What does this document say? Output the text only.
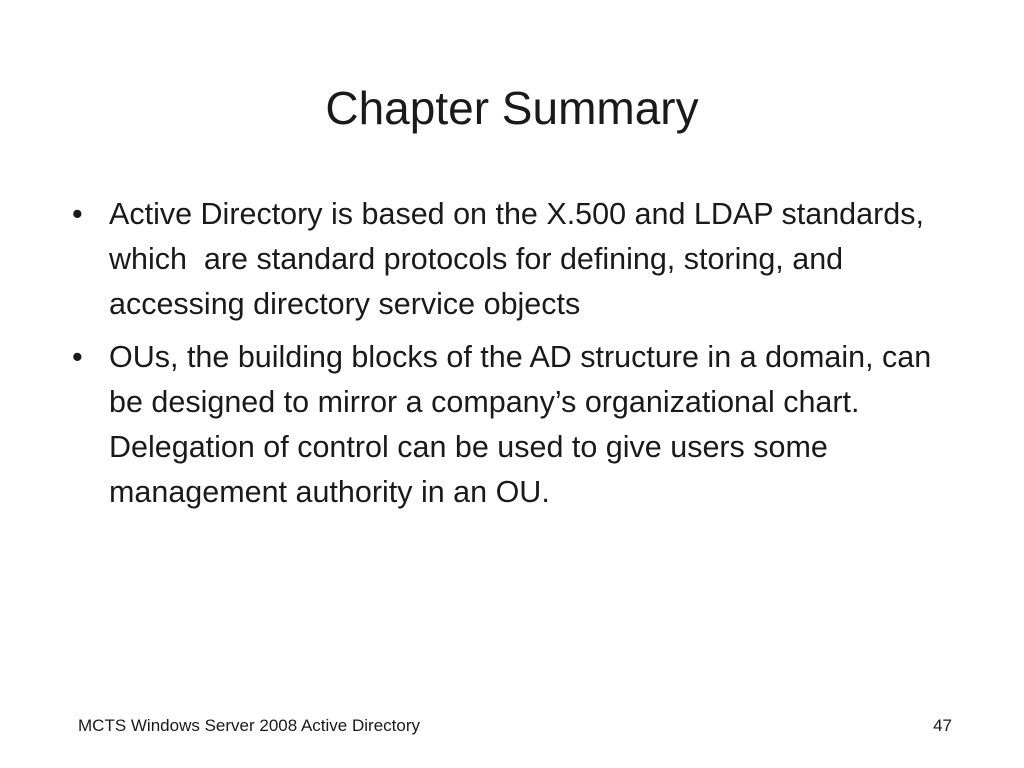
Chapter Summary
• Active Directory is based on the X.500 and LDAP standards, which  are standard protocols for defining, storing, and accessing directory service objects
• OUs, the building blocks of the AD structure in a domain, can be designed to mirror a company’s organizational chart. Delegation of control can be used to give users some management authority in an OU.
MCTS Windows Server 2008 Active Directory	47
